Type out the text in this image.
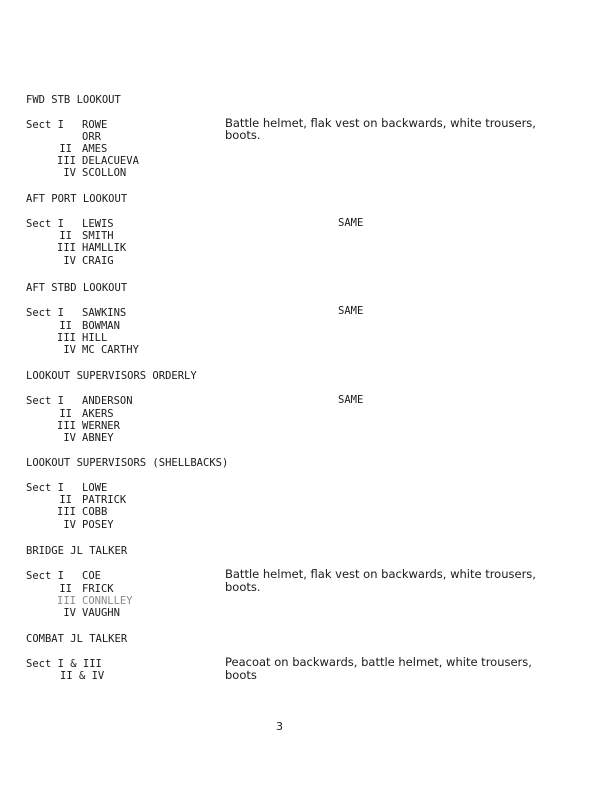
FWD STB LOOKOUT
Sect I ROWE
ORR
II AMES
III DELACUEVA
IV SCOLLON
Battle helmet, flak vest on backwards, white trousers,
boots.
AFT PORT LOOKOUT
Sect I LEWIS
II SMITH
III HAMLLIK
IV CRAIG
SAME
AFT STBD LOOKOUT
Sect I SAWKINS
II BOWMAN
III HILL
IV MC CARTHY
SAME
LOOKOUT SUPERVISORS ORDERLY
Sect I ANDERSON
II AKERS
III WERNER
IV ABNEY
SAME
LOOKOUT SUPERVISORS (SHELLBACKS)
Sect I LOWE
II PATRICK
III COBB
IV POSEY
BRIDGE JL TALKER
Sect I COE
II FRICK
III CONNLLEY
IV VAUGHN
Battle helmet, flak vest on backwards, white trousers,
boots.
COMBAT JL TALKER
Sect I & III
II & IV
Peacoat on backwards, battle helmet, white trousers,
boots
3
